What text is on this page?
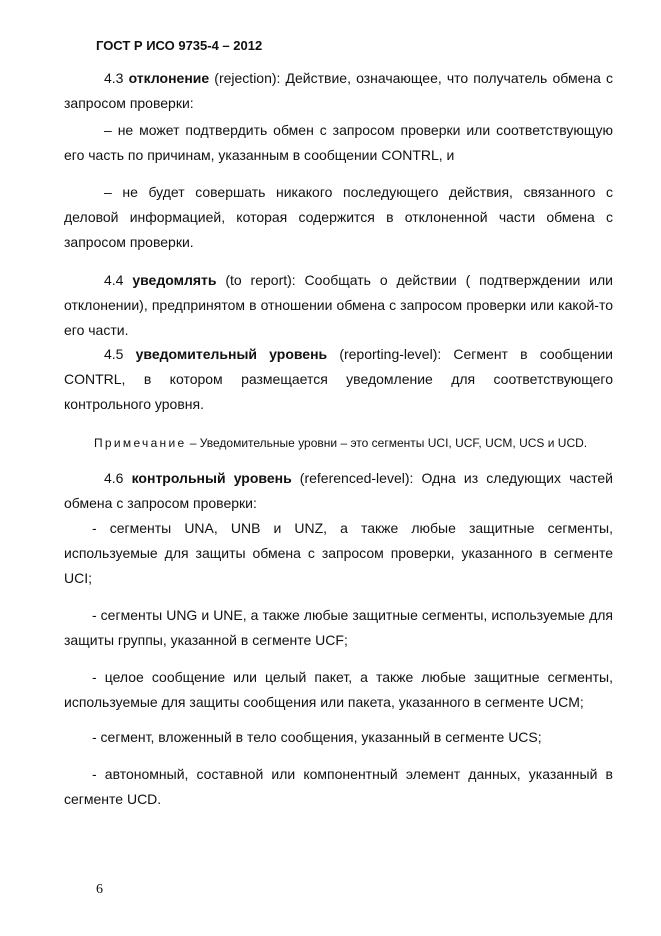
ГОСТ Р ИСО 9735-4 – 2012

4.3 отклонение (rejection): Действие, означающее, что получатель обмена с запросом проверки:

– не может подтвердить обмен с запросом проверки или соответствующую его часть по причинам, указанным в сообщении CONTRL, и

– не будет совершать никакого последующего действия, связанного с деловой информацией, которая содержится в отклоненной части обмена с запросом проверки.

4.4 уведомлять (to report): Сообщать о действии ( подтверждении или отклонении), предпринятом в отношении обмена с запросом проверки или какой-то его части.

4.5 уведомительный уровень (reporting-level): Сегмент в сообщении CONTRL, в котором размещается уведомление для соответствующего контрольного уровня.

Примечание – Уведомительные уровни – это сегменты UCI, UCF, UCM, UCS и UCD.

4.6 контрольный уровень (referenced-level): Одна из следующих частей обмена с запросом проверки:

- сегменты UNA, UNB и UNZ, а также любые защитные сегменты, используемые для защиты обмена с запросом проверки, указанного в сегменте UCI;

- сегменты UNG и UNE, а также любые защитные сегменты, используемые для защиты группы, указанной в сегменте UCF;

- целое сообщение или целый пакет, а также любые защитные сегменты, используемые для защиты сообщения или пакета, указанного в сегменте UCM;

- сегмент, вложенный в тело сообщения, указанный в сегменте UCS;

- автономный, составной или компонентный элемент данных, указанный в сегменте UCD.

6
